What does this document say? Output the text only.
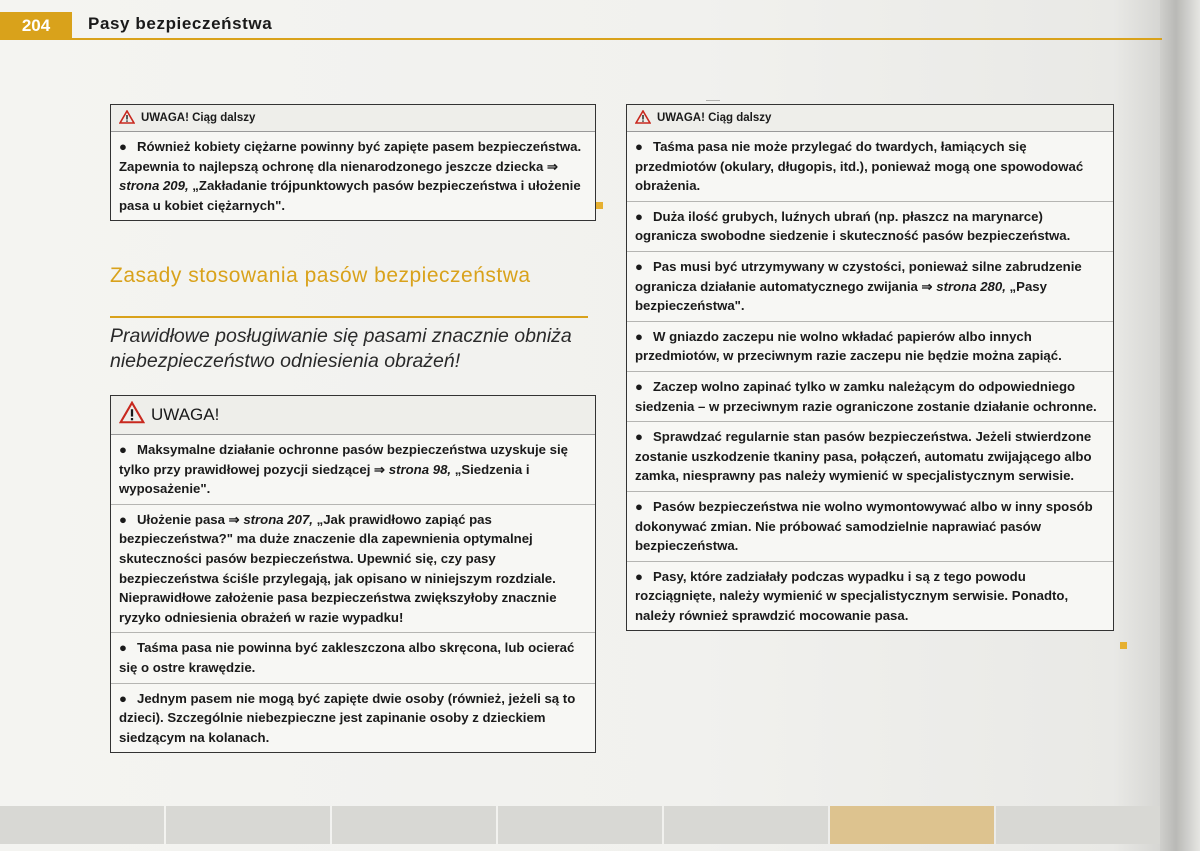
204	Pasy bezpieczeństwa
UWAGA! Ciąg dalszy
● Również kobiety ciężarne powinny być zapięte pasem bezpieczeństwa. Zapewnia to najlepszą ochronę dla nienarodzonego jeszcze dziecka ⇒ strona 209, „Zakładanie trójpunktowych pasów bezpieczeństwa i ułożenie pasa u kobiet ciężarnych".
Zasady stosowania pasów bezpieczeństwa
Prawidłowe posługiwanie się pasami znacznie obniża niebezpieczeństwo odniesienia obrażeń!
UWAGA!
● Maksymalne działanie ochronne pasów bezpieczeństwa uzyskuje się tylko przy prawidłowej pozycji siedzącej ⇒ strona 98, „Siedzenia i wyposażenie".
● Ułożenie pasa ⇒ strona 207, „Jak prawidłowo zapiąć pas bezpieczeństwa?" ma duże znaczenie dla zapewnienia optymalnej skuteczności pasów bezpieczeństwa. Upewnić się, czy pasy bezpieczeństwa ściśle przylegają, jak opisano w niniejszym rozdziale. Nieprawidłowe założenie pasa bezpieczeństwa zwiększyłoby znacznie ryzyko odniesienia obrażeń w razie wypadku!
● Taśma pasa nie powinna być zakleszczona albo skręcona, lub ocierać się o ostre krawędzie.
● Jednym pasem nie mogą być zapięte dwie osoby (również, jeżeli są to dzieci). Szczególnie niebezpieczne jest zapinanie osoby z dzieckiem siedzącym na kolanach.
UWAGA! Ciąg dalszy
● Taśma pasa nie może przylegać do twardych, łamiących się przedmiotów (okulary, długopis, itd.), ponieważ mogą one spowodować obrażenia.
● Duża ilość grubych, luźnych ubrań (np. płaszcz na marynarce) ogranicza swobodne siedzenie i skuteczność pasów bezpieczeństwa.
● Pas musi być utrzymywany w czystości, ponieważ silne zabrudzenie ogranicza działanie automatycznego zwijania ⇒ strona 280, „Pasy bezpieczeństwa".
● W gniazdo zaczepu nie wolno wkładać papierów albo innych przedmiotów, w przeciwnym razie zaczepu nie będzie można zapiąć.
● Zaczep wolno zapinać tylko w zamku należącym do odpowiedniego siedzenia – w przeciwnym razie ograniczone zostanie działanie ochronne.
● Sprawdzać regularnie stan pasów bezpieczeństwa. Jeżeli stwierdzone zostanie uszkodzenie tkaniny pasa, połączeń, automatu zwijającego albo zamka, niesprawny pas należy wymienić w specjalistycznym serwisie.
● Pasów bezpieczeństwa nie wolno wymontowywać albo w inny sposób dokonywać zmian. Nie próbować samodzielnie naprawiać pasów bezpieczeństwa.
● Pasy, które zadziałały podczas wypadku i są z tego powodu rozciągnięte, należy wymienić w specjalistycznym serwisie. Ponadto, należy również sprawdzić mocowanie pasa.
